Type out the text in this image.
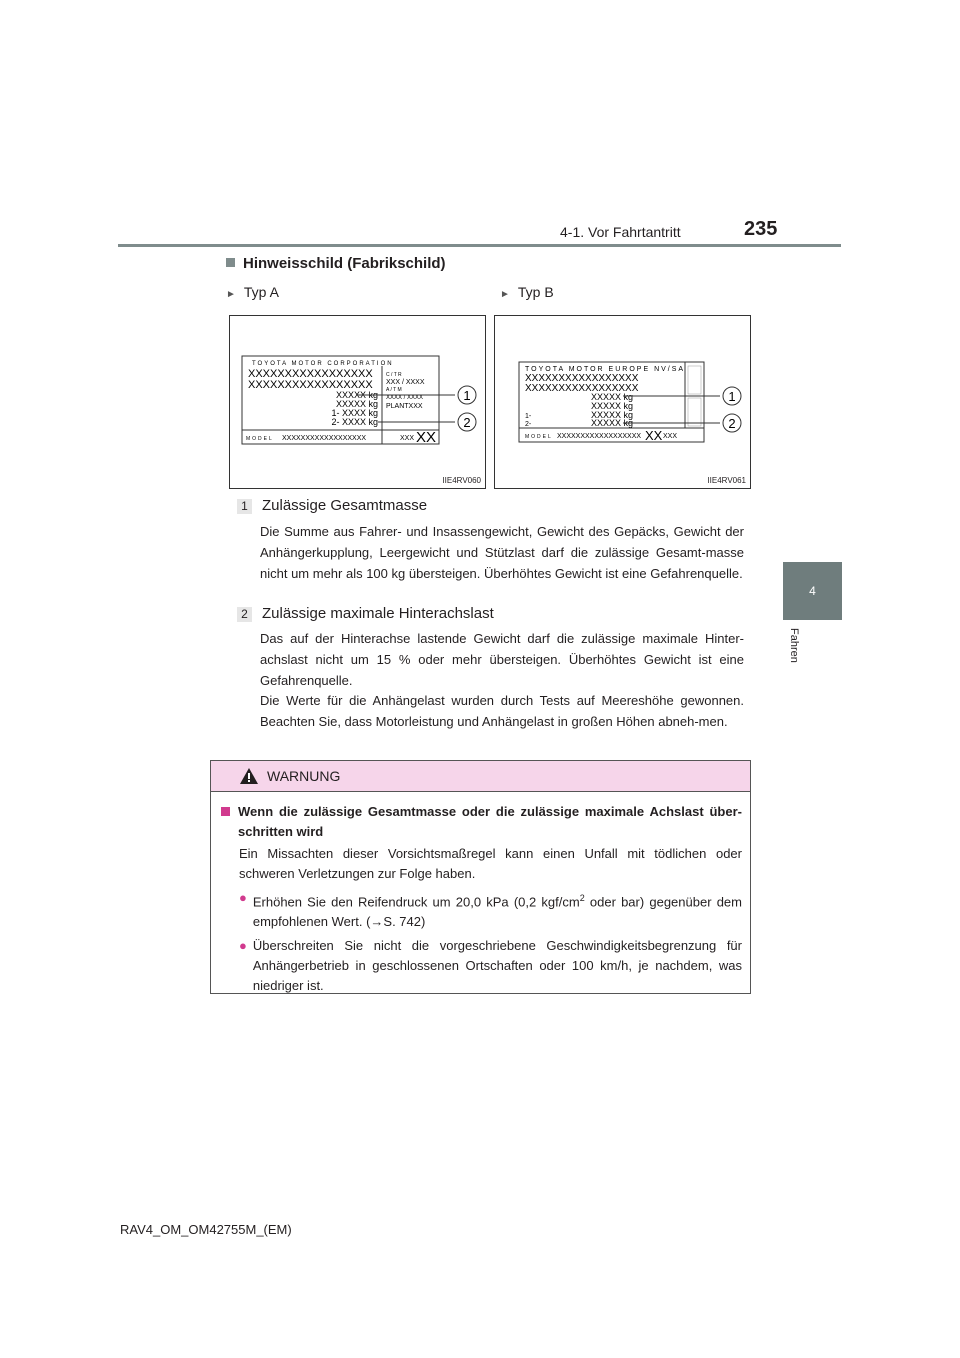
4-1. Vor Fahrtantritt	235
4
Fahren
Hinweisschild (Fabrikschild)
► Typ A	► Typ B
TOYOTA MOTOR CORPORATION
XXXXXXXXXXXXXXXXX
XXXXXXXXXXXXXXXXX
XXXXX kg
XXXXX kg
1- XXXX kg
2- XXXX kg
C / T R
XXX / XXXX
A / T M
XXXX / XXXX
PLANTXXX
MODEL XXXXXXXXXXXXXXXXXX	XXX XX
1
2
IIE4RV060
TOYOTA MOTOR EUROPE NV/SA
XXXXXXXXXXXXXXXXX
XXXXXXXXXXXXXXXXX
XXXXX kg
XXXXX kg
XXXXX kg
XXXXX kg
1-
2-
MODEL XXXXXXXXXXXXXXXXXX XX XXX
1
2
IIE4RV061
1 Zulässige Gesamtmasse
Die Summe aus Fahrer- und Insassengewicht, Gewicht des Gepäcks, Gewicht der Anhängerkupplung, Leergewicht und Stützlast darf die zulässige Gesamt-masse nicht um mehr als 100 kg übersteigen. Überhöhtes Gewicht ist eine Gefahrenquelle.
2 Zulässige maximale Hinterachslast
Das auf der Hinterachse lastende Gewicht darf die zulässige maximale Hinter-achslast nicht um 15 % oder mehr übersteigen. Überhöhtes Gewicht ist eine Gefahrenquelle.
Die Werte für die Anhängelast wurden durch Tests auf Meereshöhe gewonnen. Beachten Sie, dass Motorleistung und Anhängelast in großen Höhen abneh-men.
WARNUNG
Wenn die zulässige Gesamtmasse oder die zulässige maximale Achslast über-schritten wird
Ein Missachten dieser Vorsichtsmaßregel kann einen Unfall mit tödlichen oder schweren Verletzungen zur Folge haben.
● Erhöhen Sie den Reifendruck um 20,0 kPa (0,2 kgf/$cm^2$ oder bar) gegenüber dem empfohlenen Wert. (→S. 742)
● Überschreiten Sie nicht die vorgeschriebene Geschwindigkeitsbegrenzung für Anhängerbetrieb in geschlossenen Ortschaften oder 100 km/h, je nachdem, was niedriger ist.
RAV4_OM_OM42755M_(EM)
